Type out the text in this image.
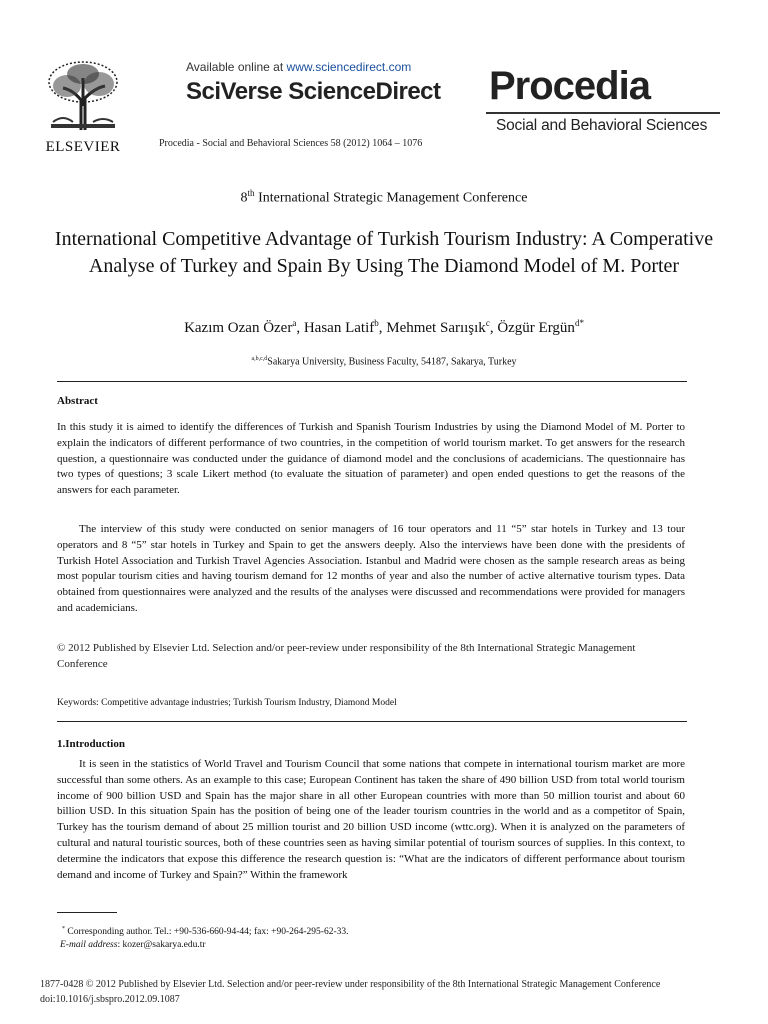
ELSEVIER
Available online at www.sciencedirect.com
SciVerse ScienceDirect
Procedia - Social and Behavioral Sciences 58 (2012) 1064 – 1076
Procedia
Social and Behavioral Sciences
8th International Strategic Management Conference
International Competitive Advantage of Turkish Tourism Industry: A Comperative Analyse of Turkey and Spain By Using The Diamond Model of M. Porter
Kazım Ozan Özer$^a$, Hasan Latif$^b$, Mehmet Sarıışık$^c$, Özgür Ergün$^{d*}$
$^{a,b,c,d}$Sakarya University, Business Faculty, 54187, Sakarya, Turkey
Abstract

In this study it is aimed to identify the differences of Turkish and Spanish Tourism Industries by using the Diamond Model of M. Porter to explain the indicators of different performance of two countries, in the competition of world tourism market. To get answers for the research question, a questionnaire was conducted under the guidance of diamond model and the conclusions of academicians. The questionnaire has two types of questions; 3 scale Likert method (to evaluate the situation of parameter) and open ended questions to get the reasons of the answers for each parameter.

The interview of this study were conducted on senior managers of 16 tour operators and 11 “5” star hotels in Turkey and 13 tour operators and 8 “5” star hotels in Turkey and Spain to get the answers deeply. Also the interviews have been done with the presidents of Turkish Hotel Association and Turkish Travel Agencies Association. Istanbul and Madrid were chosen as the sample research areas as being most popular tourism cities and having tourism demand for 12 months of year and also the number of active alternative tourism types. Data obtained from questionnaires were analyzed and the results of the analyses were discussed and recommendations were provided for managers and academicians.

© 2012 Published by Elsevier Ltd. Selection and/or peer-review under responsibility of the 8th International Strategic Management Conference
Keywords: Competitive advantage industries; Turkish Tourism Industry, Diamond Model
1.Introduction

It is seen in the statistics of World Travel and Tourism Council that some nations that compete in international tourism market are more successful than some others. As an example to this case; European Continent has taken the share of 490 billion USD from total world tourism income of 900 billion USD and Spain has the major share in all other European countries with more than 50 million tourist and about 60 billion USD. In this situation Spain has the position of being one of the leader tourism countries in the world and as a competitor of Spain, Turkey has the tourism demand of about 25 million tourist and 20 billion USD income (wttc.org). When it is analyzed on the parameters of cultural and natural touristic sources, both of these countries seen as having similar potential of tourism sources of supplies. In this context, to determine the indicators that expose this difference the research question is: “What are the indicators of different performance about tourism demand and income of Turkey and Spain?” Within the framework

* Corresponding author. Tel.: +90-536-660-94-44; fax: +90-264-295-62-33.
E-mail address: kozer@sakarya.edu.tr
1877-0428 © 2012 Published by Elsevier Ltd. Selection and/or peer-review under responsibility of the 8th International Strategic Management Conference
doi:10.1016/j.sbspro.2012.09.1087
